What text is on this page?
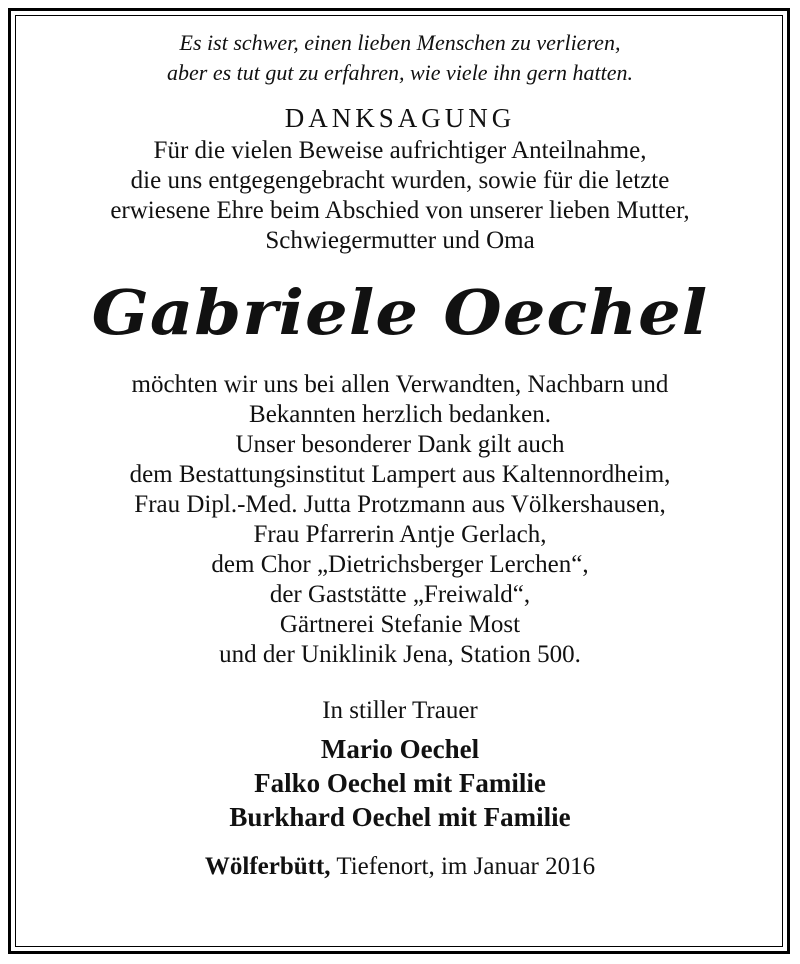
Es ist schwer, einen lieben Menschen zu verlieren,
aber es tut gut zu erfahren, wie viele ihn gern hatten.
DANKSAGUNG
Für die vielen Beweise aufrichtiger Anteilnahme,
die uns entgegengebracht wurden, sowie für die letzte
erwiesene Ehre beim Abschied von unserer lieben Mutter,
Schwiegermutter und Oma
Gabriele Oechel
möchten wir uns bei allen Verwandten, Nachbarn und
Bekannten herzlich bedanken.
Unser besonderer Dank gilt auch
dem Bestattungsinstitut Lampert aus Kaltennordheim,
Frau Dipl.-Med. Jutta Protzmann aus Völkershausen,
Frau Pfarrerin Antje Gerlach,
dem Chor „Dietrichsberger Lerchen“,
der Gaststätte „Freiwald“,
Gärtnerei Stefanie Most
und der Uniklinik Jena, Station 500.
In stiller Trauer
Mario Oechel
Falko Oechel mit Familie
Burkhard Oechel mit Familie
Wölferbütt, Tiefenort, im Januar 2016
